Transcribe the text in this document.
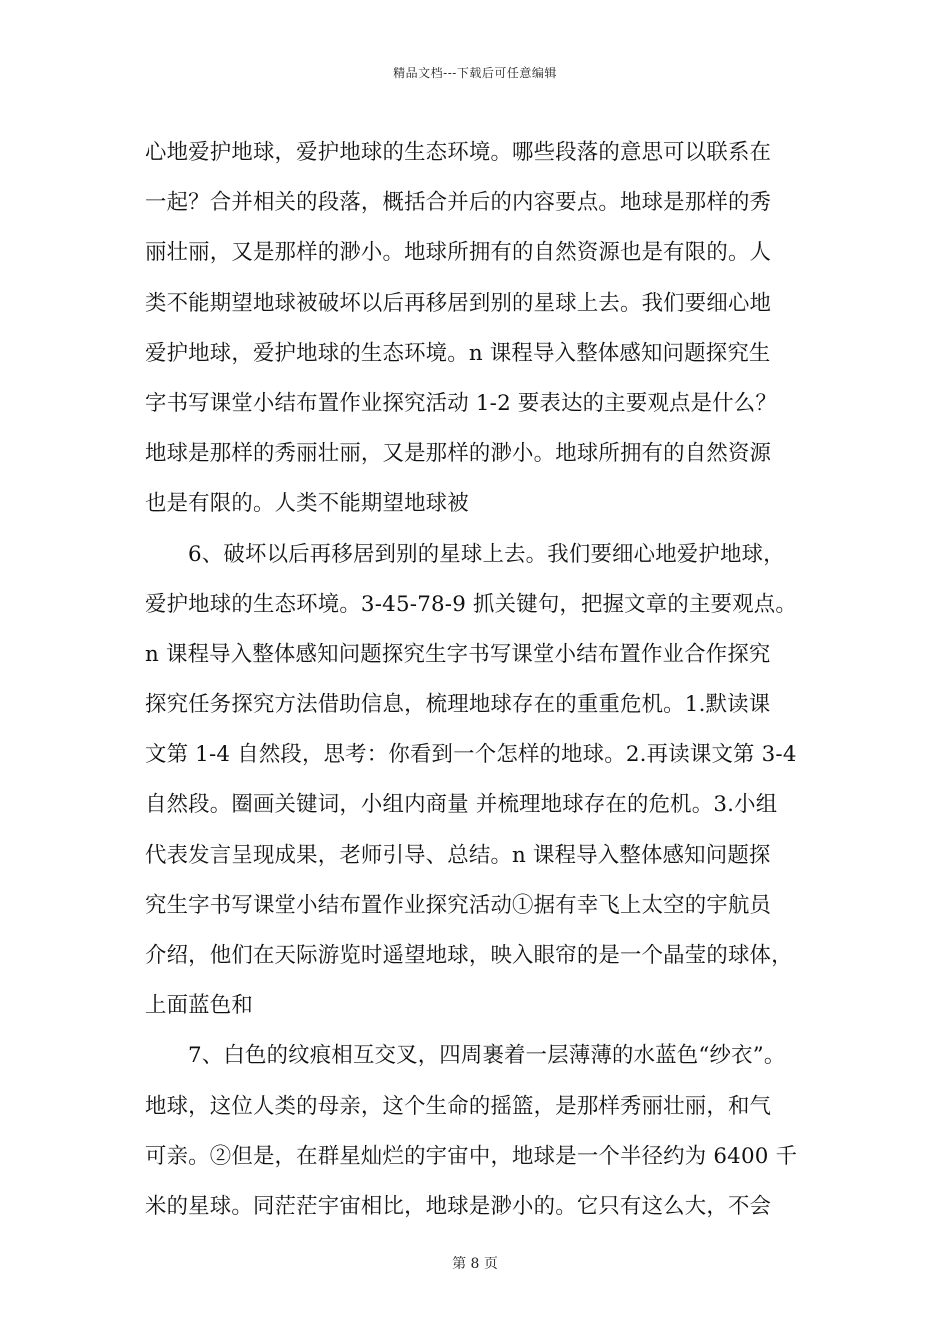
精品文档---下载后可任意编辑
心地爱护地球，爱护地球的生态环境。哪些段落的意思可以联系在
一起？合并相关的段落，概括合并后的内容要点。地球是那样的秀
丽壮丽，又是那样的渺小。地球所拥有的自然资源也是有限的。人
类不能期望地球被破坏以后再移居到别的星球上去。我们要细心地
爱护地球，爱护地球的生态环境。n 课程导入整体感知问题探究生
字书写课堂小结布置作业探究活动 1-2 要表达的主要观点是什么？
地球是那样的秀丽壮丽，又是那样的渺小。地球所拥有的自然资源
也是有限的。人类不能期望地球被
6、破坏以后再移居到别的星球上去。我们要细心地爱护地球，
爱护地球的生态环境。3-45-78-9 抓关键句，把握文章的主要观点。
n 课程导入整体感知问题探究生字书写课堂小结布置作业合作探究
探究任务探究方法借助信息，梳理地球存在的重重危机。1.默读课
文第 1-4 自然段，思考：你看到一个怎样的地球。2.再读课文第 3-4
自然段。圈画关键词，小组内商量 并梳理地球存在的危机。3.小组
代表发言呈现成果，老师引导、总结。n 课程导入整体感知问题探
究生字书写课堂小结布置作业探究活动①据有幸飞上太空的宇航员
介绍，他们在天际游览时遥望地球，映入眼帘的是一个晶莹的球体，
上面蓝色和
7、白色的纹痕相互交叉，四周裹着一层薄薄的水蓝色“纱衣”。
地球，这位人类的母亲，这个生命的摇篮，是那样秀丽壮丽，和气
可亲。②但是，在群星灿烂的宇宙中，地球是一个半径约为 6400 千
米的星球。同茫茫宇宙相比，地球是渺小的。它只有这么大，不会
第 8 页
